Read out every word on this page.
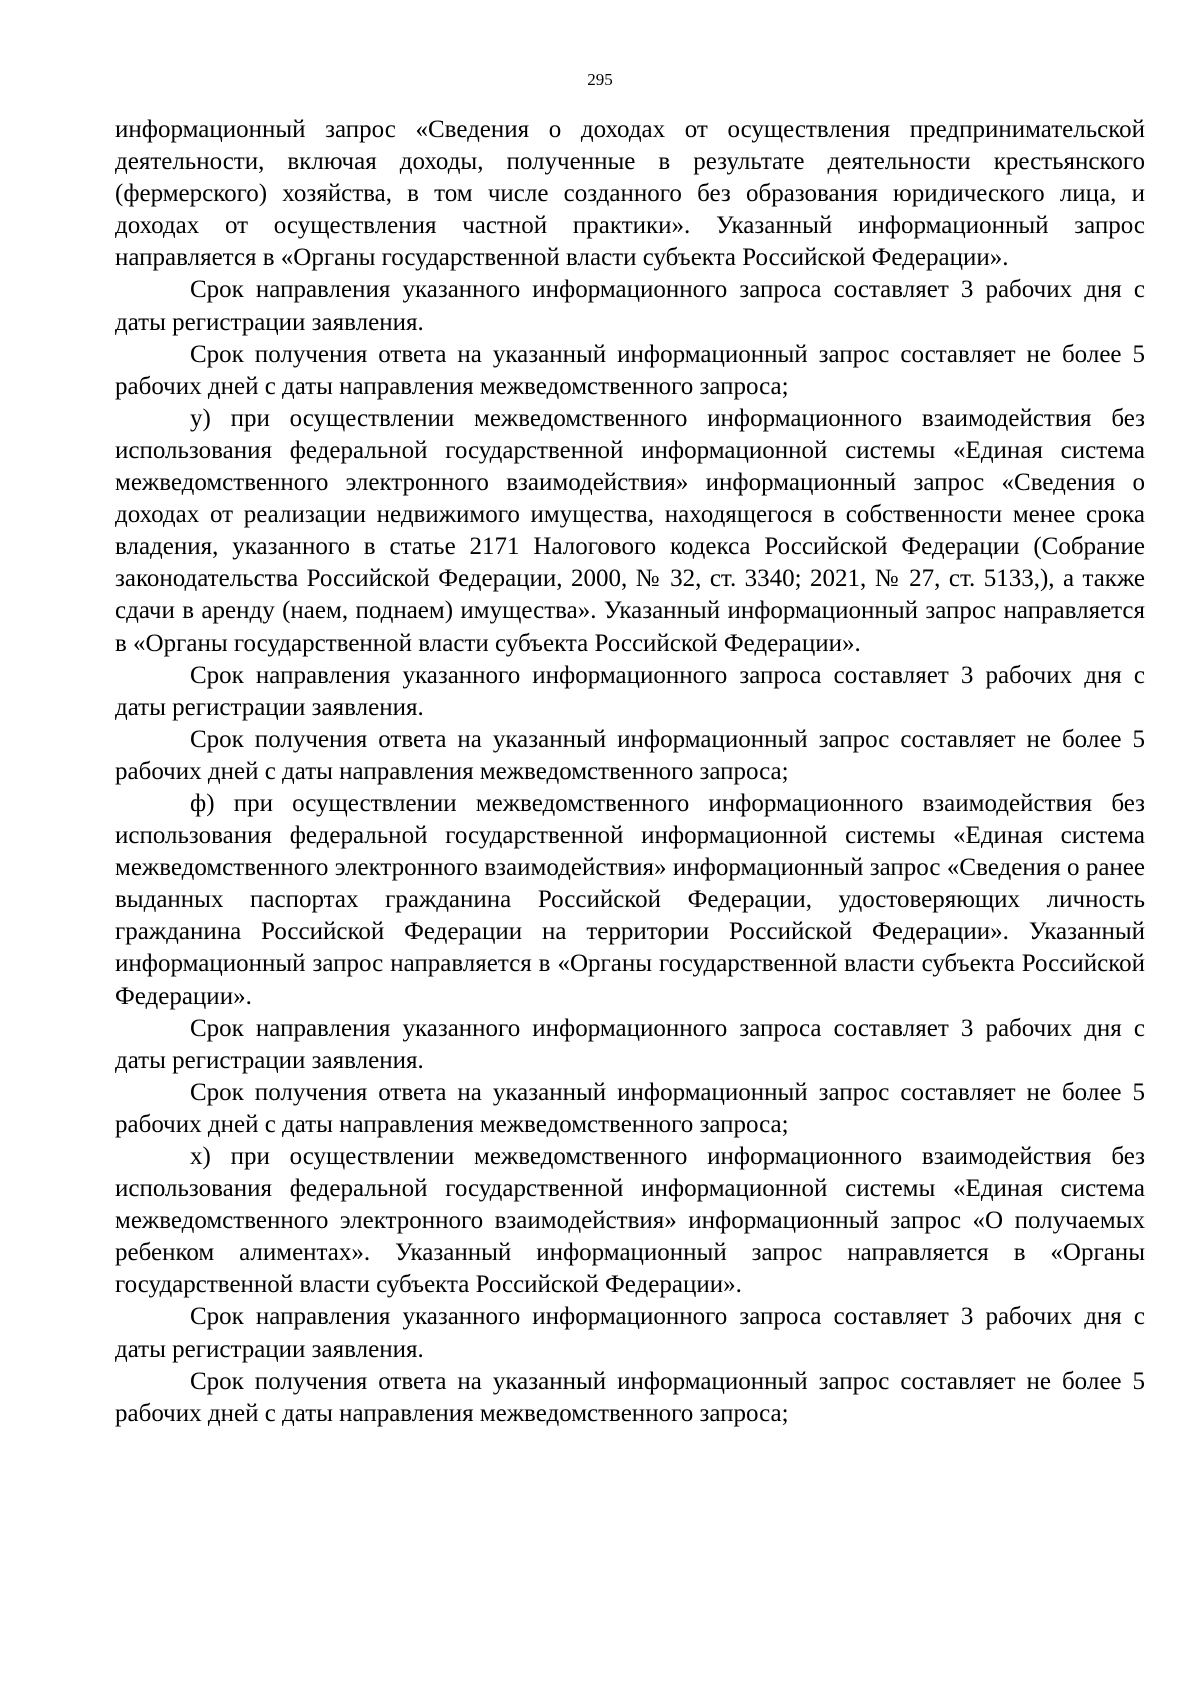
295

информационный запрос «Сведения о доходах от осуществления предпринимательской деятельности, включая доходы, полученные в результате деятельности крестьянского (фермерского) хозяйства, в том числе созданного без образования юридического лица, и доходах от осуществления частной практики». Указанный информационный запрос направляется в «Органы государственной власти субъекта Российской Федерации».

Срок направления указанного информационного запроса составляет 3 рабочих дня с даты регистрации заявления.

Срок получения ответа на указанный информационный запрос составляет не более 5 рабочих дней с даты направления межведомственного запроса;

у) при осуществлении межведомственного информационного взаимодействия без использования федеральной государственной информационной системы «Единая система межведомственного электронного взаимодействия» информационный запрос «Сведения о доходах от реализации недвижимого имущества, находящегося в собственности менее срока владения, указанного в статье 2171 Налогового кодекса Российской Федерации (Собрание законодательства Российской Федерации, 2000, № 32, ст. 3340; 2021, № 27, ст. 5133,), а также сдачи в аренду (наем, поднаем) имущества». Указанный информационный запрос направляется в «Органы государственной власти субъекта Российской Федерации».

Срок направления указанного информационного запроса составляет 3 рабочих дня с даты регистрации заявления.

Срок получения ответа на указанный информационный запрос составляет не более 5 рабочих дней с даты направления межведомственного запроса;

ф) при осуществлении межведомственного информационного взаимодействия без использования федеральной государственной информационной системы «Единая система межведомственного электронного взаимодействия» информационный запрос «Сведения о ранее выданных паспортах гражданина Российской Федерации, удостоверяющих личность гражданина Российской Федерации на территории Российской Федерации». Указанный информационный запрос направляется в «Органы государственной власти субъекта Российской Федерации».

Срок направления указанного информационного запроса составляет 3 рабочих дня с даты регистрации заявления.

Срок получения ответа на указанный информационный запрос составляет не более 5 рабочих дней с даты направления межведомственного запроса;

х) при осуществлении межведомственного информационного взаимодействия без использования федеральной государственной информационной системы «Единая система межведомственного электронного взаимодействия» информационный запрос «О получаемых ребенком алиментах». Указанный информационный запрос направляется в «Органы государственной власти субъекта Российской Федерации».

Срок направления указанного информационного запроса составляет 3 рабочих дня с даты регистрации заявления.

Срок получения ответа на указанный информационный запрос составляет не более 5 рабочих дней с даты направления межведомственного запроса;
